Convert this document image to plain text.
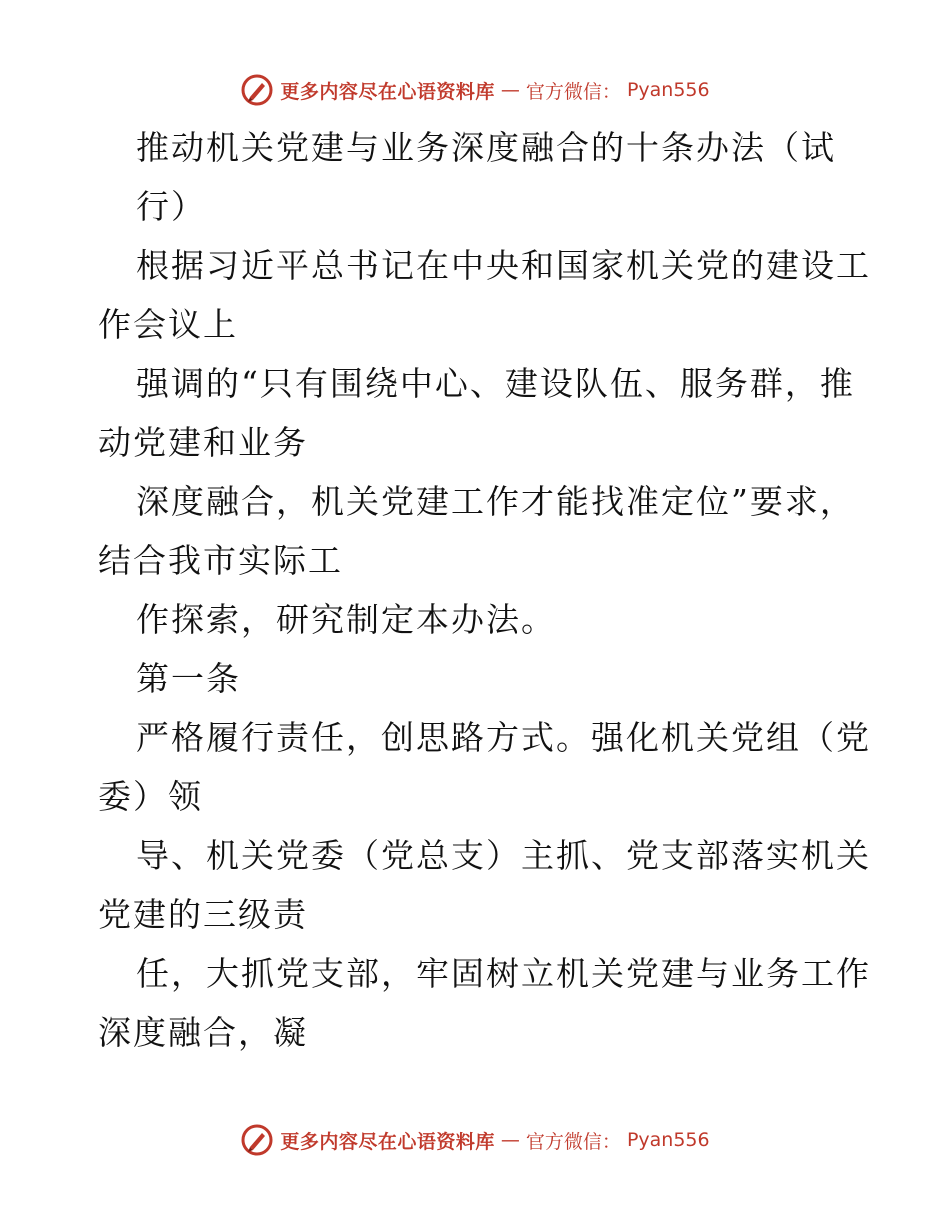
更多内容尽在心语资料库 — 官方微信： Pyan556
推动机关党建与业务深度融合的十条办法（试
行）
根据习近平总书记在中央和国家机关党的建设工
作会议上
强调的“只有围绕中心、建设队伍、服务群，推
动党建和业务
深度融合，机关党建工作才能找准定位”要求，
结合我市实际工
作探索，研究制定本办法。
第一条
严格履行责任，创思路方式。强化机关党组（党
委）领
导、机关党委（党总支）主抓、党支部落实机关
党建的三级责
任，大抓党支部，牢固树立机关党建与业务工作
深度融合，凝
更多内容尽在心语资料库 — 官方微信： Pyan556
